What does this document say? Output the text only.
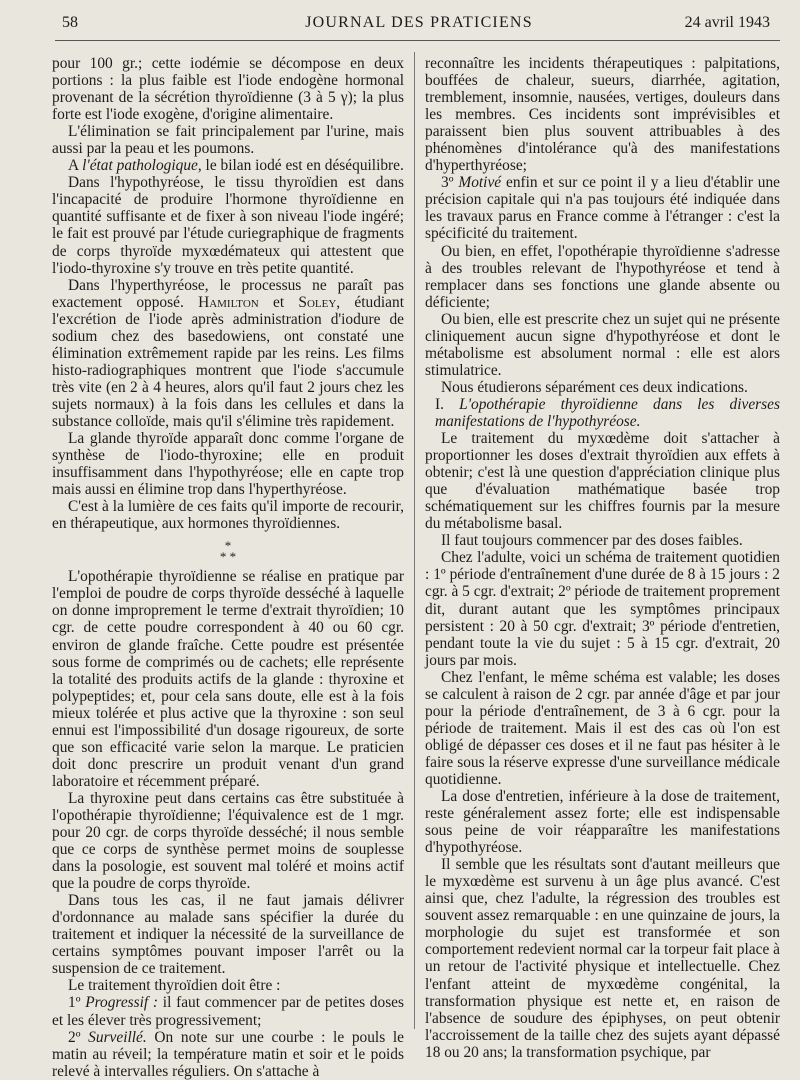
58	JOURNAL DES PRATICIENS	24 avril 1943

pour 100 gr.; cette iodémie se décompose en deux portions : la plus faible est l'iode endogène hormonal provenant de la sécrétion thyroïdienne (3 à 5 γ); la plus forte est l'iode exogène, d'origine alimentaire.

L'élimination se fait principalement par l'urine, mais aussi par la peau et les poumons.

A l'état pathologique, le bilan iodé est en déséquilibre.

Dans l'hypothyréose, le tissu thyroïdien est dans l'incapacité de produire l'hormone thyroïdienne en quantité suffisante et de fixer à son niveau l'iode ingéré; le fait est prouvé par l'étude curiegraphique de fragments de corps thyroïde myxœdémateux qui attestent que l'iodo-thyroxine s'y trouve en très petite quantité.

Dans l'hyperthyréose, le processus ne paraît pas exactement opposé. Hamilton et Soley, étudiant l'excrétion de l'iode après administration d'iodure de sodium chez des basedowiens, ont constaté une élimination extrêmement rapide par les reins. Les films histo-radiographiques montrent que l'iode s'accumule très vite (en 2 à 4 heures, alors qu'il faut 2 jours chez les sujets normaux) à la fois dans les cellules et dans la substance colloïde, mais qu'il s'élimine très rapidement.

La glande thyroïde apparaît donc comme l'organe de synthèse de l'iodo-thyroxine; elle en produit insuffisamment dans l'hypothyréose; elle en capte trop mais aussi en élimine trop dans l'hyperthyréose.

C'est à la lumière de ces faits qu'il importe de recourir, en thérapeutique, aux hormones thyroïdiennes.

*
* *

L'opothérapie thyroïdienne se réalise en pratique par l'emploi de poudre de corps thyroïde desséché à laquelle on donne improprement le terme d'extrait thyroïdien; 10 cgr. de cette poudre correspondent à 40 ou 60 cgr. environ de glande fraîche. Cette poudre est présentée sous forme de comprimés ou de cachets; elle représente la totalité des produits actifs de la glande : thyroxine et polypeptides; et, pour cela sans doute, elle est à la fois mieux tolérée et plus active que la thyroxine : son seul ennui est l'impossibilité d'un dosage rigoureux, de sorte que son efficacité varie selon la marque. Le praticien doit donc prescrire un produit venant d'un grand laboratoire et récemment préparé.

La thyroxine peut dans certains cas être substituée à l'opothérapie thyroïdienne; l'équivalence est de 1 mgr. pour 20 cgr. de corps thyroïde desséché; il nous semble que ce corps de synthèse permet moins de souplesse dans la posologie, est souvent mal toléré et moins actif que la poudre de corps thyroïde.

Dans tous les cas, il ne faut jamais délivrer d'ordonnance au malade sans spécifier la durée du traitement et indiquer la nécessité de la surveillance de certains symptômes pouvant imposer l'arrêt ou la suspension de ce traitement.

Le traitement thyroïdien doit être :

1º Progressif : il faut commencer par de petites doses et les élever très progressivement;

2º Surveillé. On note sur une courbe : le pouls le matin au réveil; la température matin et soir et le poids relevé à intervalles réguliers. On s'attache à

reconnaître les incidents thérapeutiques : palpitations, bouffées de chaleur, sueurs, diarrhée, agitation, tremblement, insomnie, nausées, vertiges, douleurs dans les membres. Ces incidents sont imprévisibles et paraissent bien plus souvent attribuables à des phénomènes d'intolérance qu'à des manifestations d'hyperthyréose;

3º Motivé enfin et sur ce point il y a lieu d'établir une précision capitale qui n'a pas toujours été indiquée dans les travaux parus en France comme à l'étranger : c'est la spécificité du traitement.

Ou bien, en effet, l'opothérapie thyroïdienne s'adresse à des troubles relevant de l'hypothyréose et tend à remplacer dans ses fonctions une glande absente ou déficiente;

Ou bien, elle est prescrite chez un sujet qui ne présente cliniquement aucun signe d'hypothyréose et dont le métabolisme est absolument normal : elle est alors stimulatrice.

Nous étudierons séparément ces deux indications.

I. L'opothérapie thyroïdienne dans les diverses manifestations de l'hypothyréose.

Le traitement du myxœdème doit s'attacher à proportionner les doses d'extrait thyroïdien aux effets à obtenir; c'est là une question d'appréciation clinique plus que d'évaluation mathématique basée trop schématiquement sur les chiffres fournis par la mesure du métabolisme basal.

Il faut toujours commencer par des doses faibles.

Chez l'adulte, voici un schéma de traitement quotidien : 1º période d'entraînement d'une durée de 8 à 15 jours : 2 cgr. à 5 cgr. d'extrait; 2º période de traitement proprement dit, durant autant que les symptômes principaux persistent : 20 à 50 cgr. d'extrait; 3º période d'entretien, pendant toute la vie du sujet : 5 à 15 cgr. d'extrait, 20 jours par mois.

Chez l'enfant, le même schéma est valable; les doses se calculent à raison de 2 cgr. par année d'âge et par jour pour la période d'entraînement, de 3 à 6 cgr. pour la période de traitement. Mais il est des cas où l'on est obligé de dépasser ces doses et il ne faut pas hésiter à le faire sous la réserve expresse d'une surveillance médicale quotidienne.

La dose d'entretien, inférieure à la dose de traitement, reste généralement assez forte; elle est indispensable sous peine de voir réapparaître les manifestations d'hypothyréose.

Il semble que les résultats sont d'autant meilleurs que le myxœdème est survenu à un âge plus avancé. C'est ainsi que, chez l'adulte, la régression des troubles est souvent assez remarquable : en une quinzaine de jours, la morphologie du sujet est transformée et son comportement redevient normal car la torpeur fait place à un retour de l'activité physique et intellectuelle. Chez l'enfant atteint de myxœdème congénital, la transformation physique est nette et, en raison de l'absence de soudure des épiphyses, on peut obtenir l'accroissement de la taille chez des sujets ayant dépassé 18 ou 20 ans; la transformation psychique, par
